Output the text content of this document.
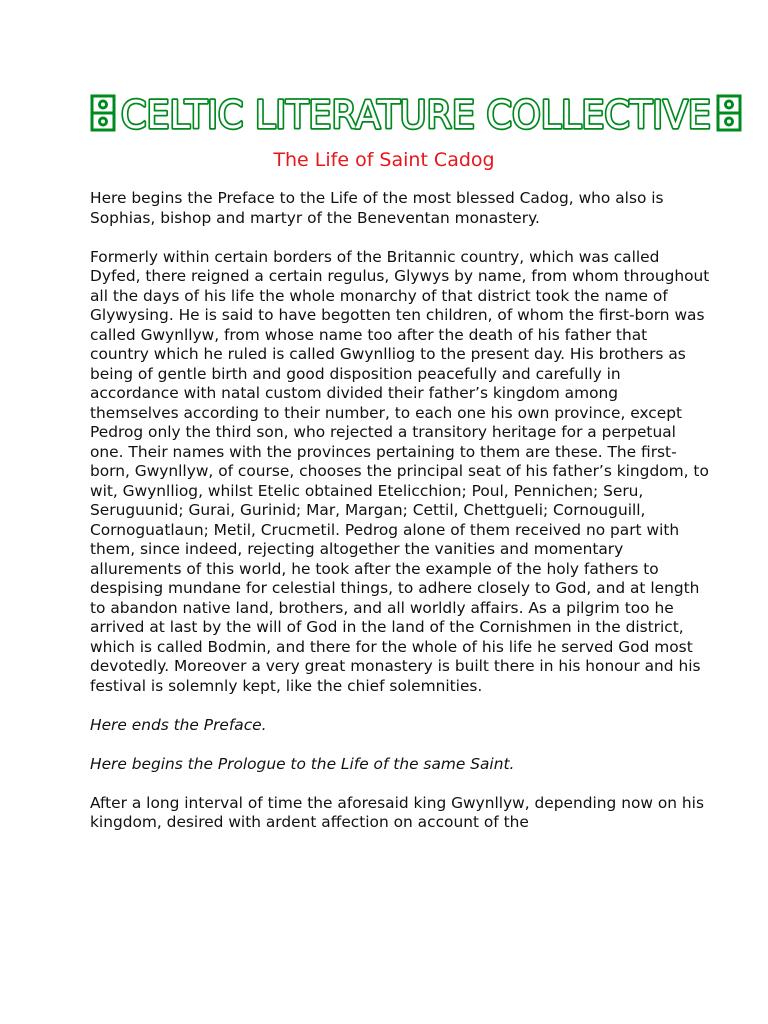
CELTIC LITERATURE COLLECTIVE
The Life of Saint Cadog

Here begins the Preface to the Life of the most blessed Cadog, who also is Sophias, bishop and martyr of the Beneventan monastery.

Formerly within certain borders of the Britannic country, which was called Dyfed, there reigned a certain regulus, Glywys by name, from whom throughout all the days of his life the whole monarchy of that district took the name of Glywysing. He is said to have begotten ten children, of whom the first-born was called Gwynllyw, from whose name too after the death of his father that country which he ruled is called Gwynlliog to the present day. His brothers as being of gentle birth and good disposition peacefully and carefully in accordance with natal custom divided their father’s kingdom among themselves according to their number, to each one his own province, except Pedrog only the third son, who rejected a transitory heritage for a perpetual one. Their names with the provinces pertaining to them are these. The first-born, Gwynllyw, of course, chooses the principal seat of his father’s kingdom, to wit, Gwynlliog, whilst Etelic obtained Etelicchion; Poul, Pennichen; Seru, Seruguunid; Gurai, Gurinid; Mar, Margan; Cettil, Chettgueli; Cornouguill, Cornoguatlaun; Metil, Crucmetil. Pedrog alone of them received no part with them, since indeed, rejecting altogether the vanities and momentary allurements of this world, he took after the example of the holy fathers to despising mundane for celestial things, to adhere closely to God, and at length to abandon native land, brothers, and all worldly affairs. As a pilgrim too he arrived at last by the will of God in the land of the Cornishmen in the district, which is called Bodmin, and there for the whole of his life he served God most devotedly. Moreover a very great monastery is built there in his honour and his festival is solemnly kept, like the chief solemnities.

Here ends the Preface.

Here begins the Prologue to the Life of the same Saint.

After a long interval of time the aforesaid king Gwynllyw, depending now on his kingdom, desired with ardent affection on account of the
